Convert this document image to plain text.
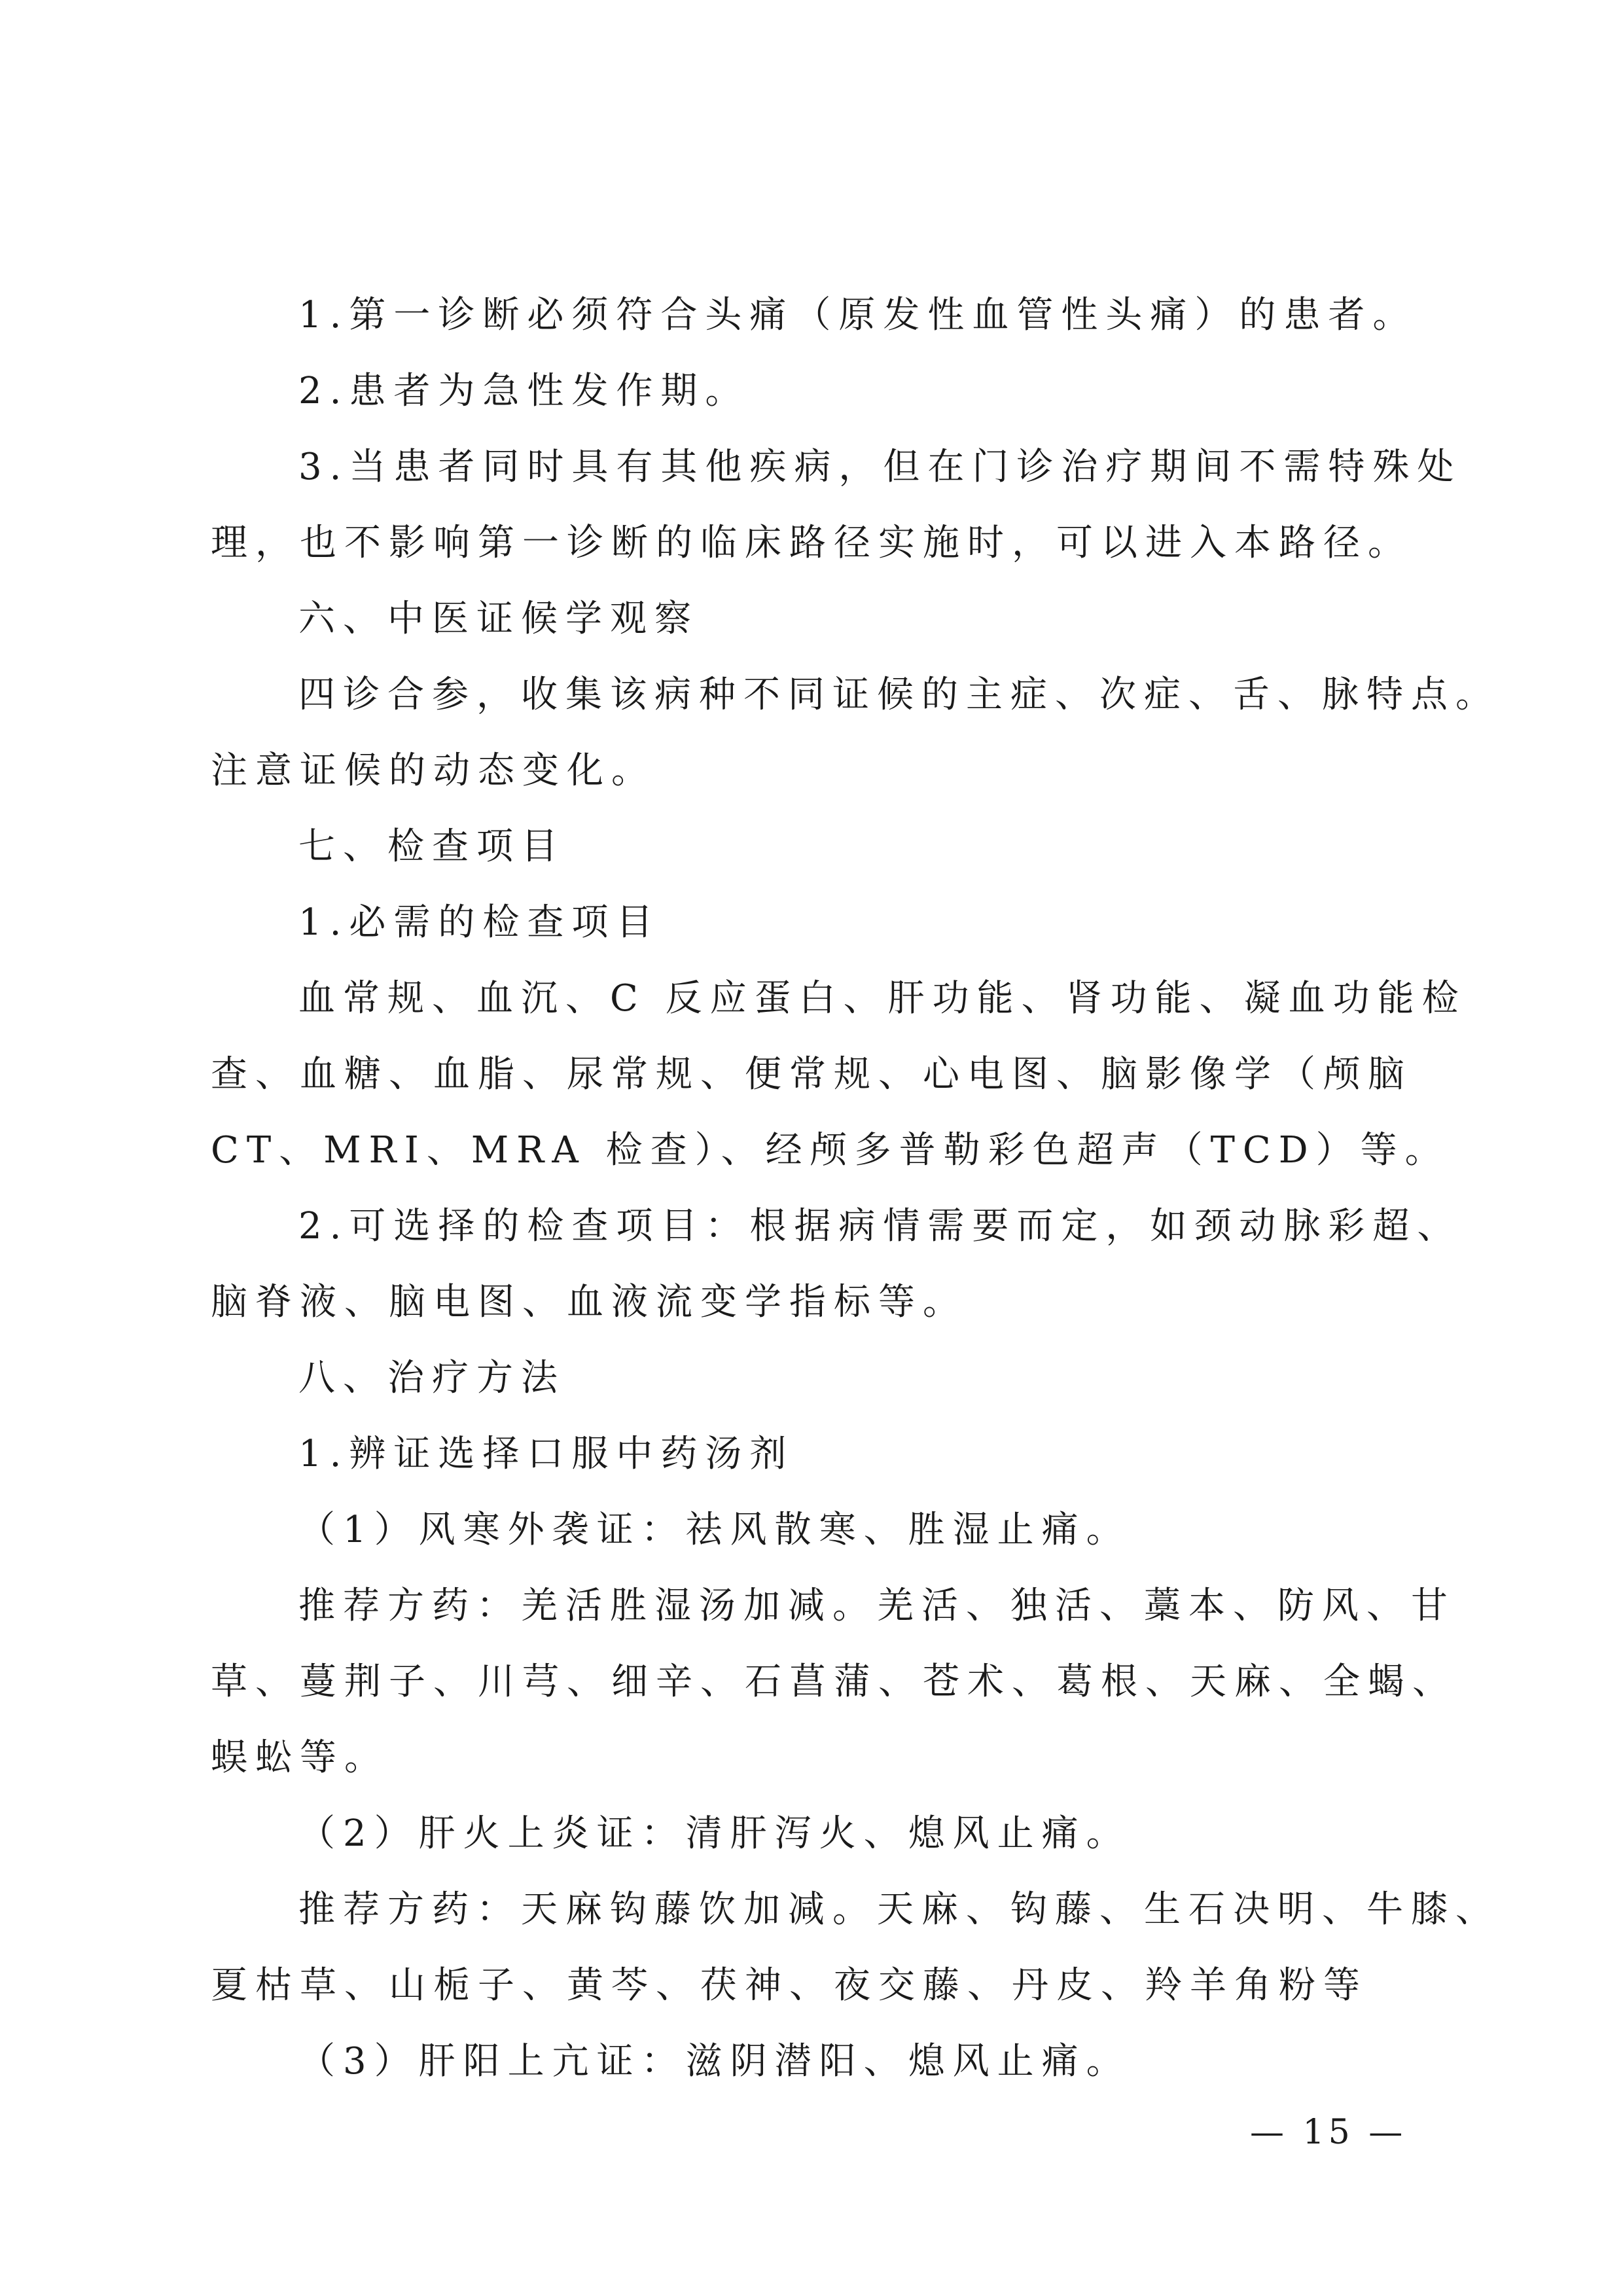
1.第一诊断必须符合头痛（原发性血管性头痛）的患者。
2.患者为急性发作期。
3.当患者同时具有其他疾病，但在门诊治疗期间不需特殊处
理，也不影响第一诊断的临床路径实施时，可以进入本路径。
六、中医证候学观察
四诊合参，收集该病种不同证候的主症、次症、舌、脉特点。
注意证候的动态变化。
七、检查项目
1.必需的检查项目
血常规、血沉、C 反应蛋白、肝功能、肾功能、凝血功能检
查、血糖、血脂、尿常规、便常规、心电图、脑影像学（颅脑
CT、MRI、MRA 检查）、经颅多普勒彩色超声（TCD）等。
2.可选择的检查项目：根据病情需要而定，如颈动脉彩超、
脑脊液、脑电图、血液流变学指标等。
八、治疗方法
1.辨证选择口服中药汤剂
（1）风寒外袭证：祛风散寒、胜湿止痛。
推荐方药：羌活胜湿汤加减。羌活、独活、藁本、防风、甘
草、蔓荆子、川芎、细辛、石菖蒲、苍术、葛根、天麻、全蝎、
蜈蚣等。
（2）肝火上炎证：清肝泻火、熄风止痛。
推荐方药：天麻钩藤饮加减。天麻、钩藤、生石决明、牛膝、
夏枯草、山栀子、黄芩、茯神、夜交藤、丹皮、羚羊角粉等
（3）肝阳上亢证：滋阴潜阳、熄风止痛。
— 15 —
